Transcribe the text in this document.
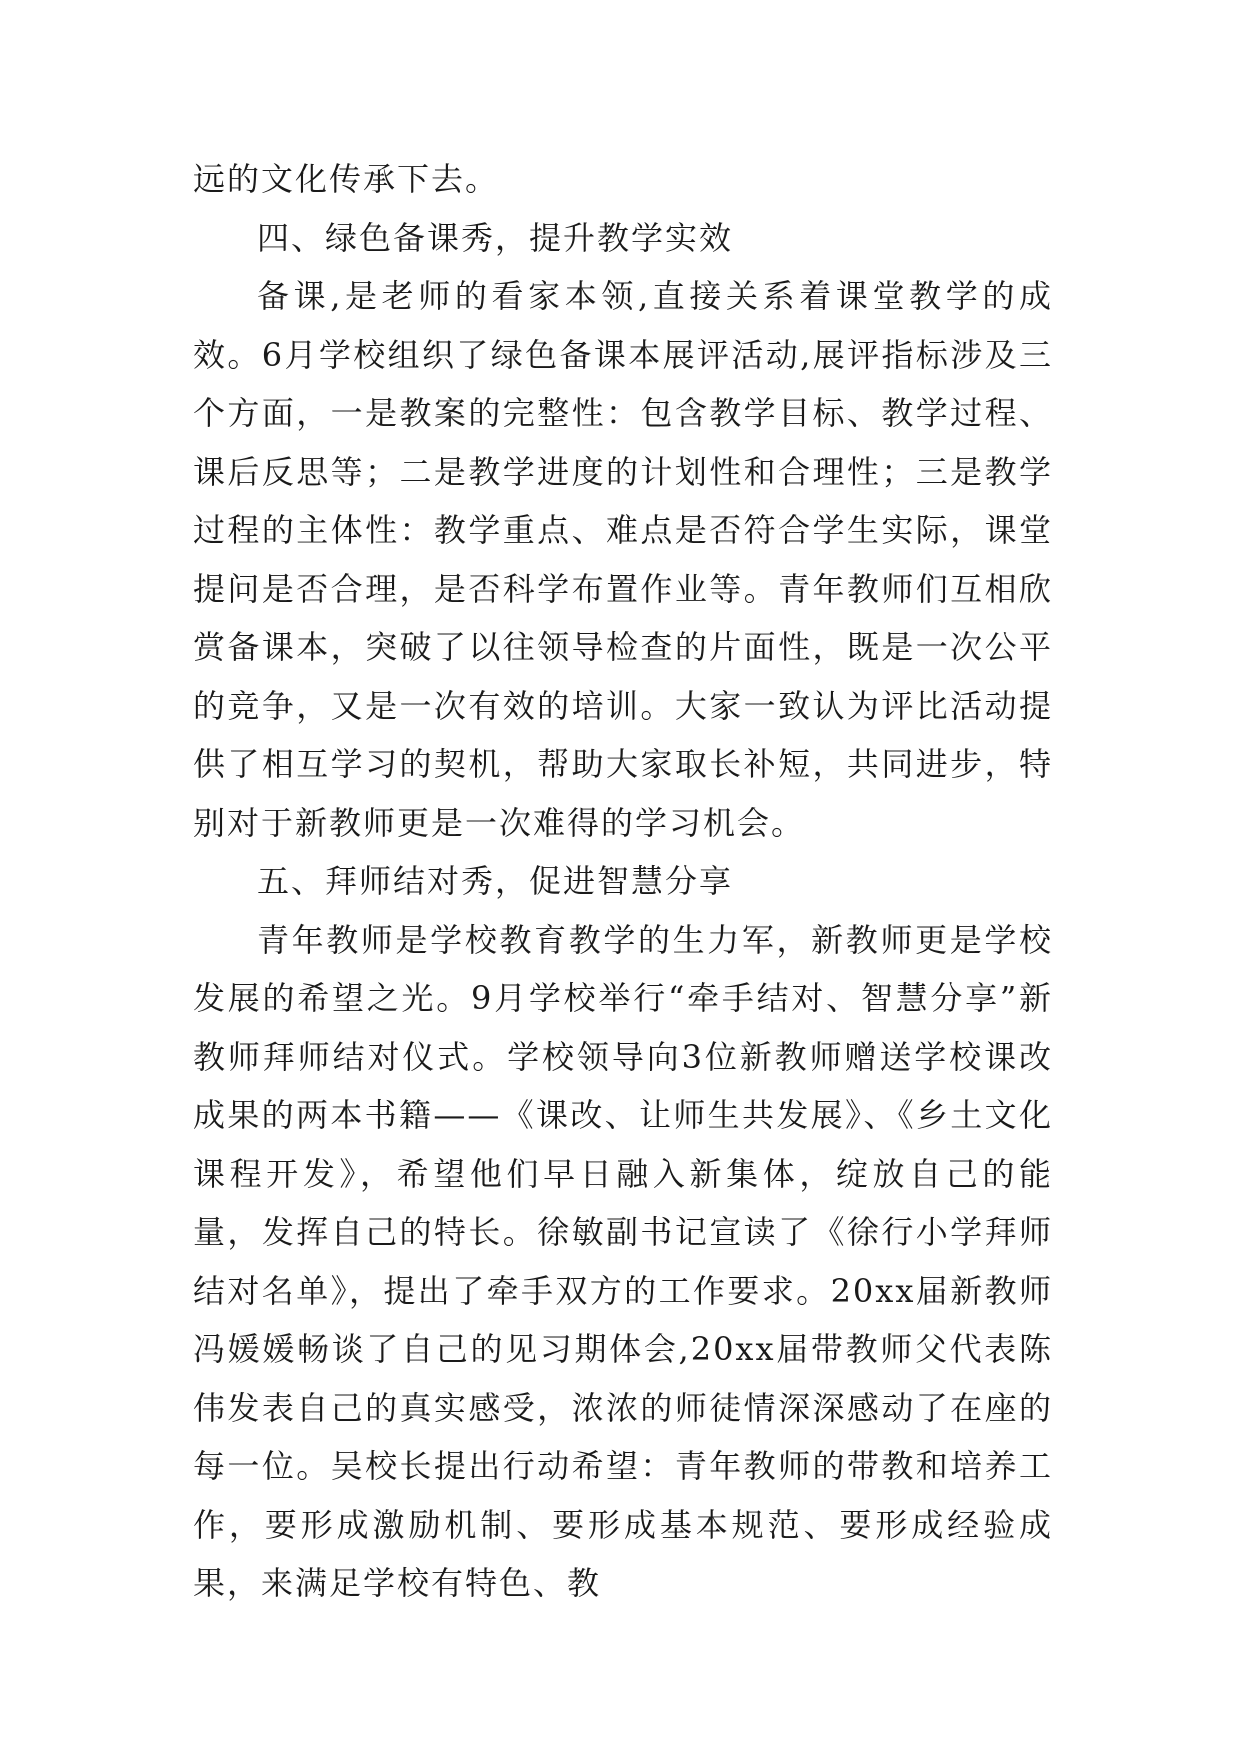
远的文化传承下去。

四、绿色备课秀，提升教学实效

备课,是老师的看家本领,直接关系着课堂教学的成效。6月学校组织了绿色备课本展评活动,展评指标涉及三个方面，一是教案的完整性：包含教学目标、教学过程、课后反思等；二是教学进度的计划性和合理性；三是教学过程的主体性：教学重点、难点是否符合学生实际，课堂提问是否合理，是否科学布置作业等。青年教师们互相欣赏备课本，突破了以往领导检查的片面性，既是一次公平的竞争，又是一次有效的培训。大家一致认为评比活动提供了相互学习的契机，帮助大家取长补短，共同进步，特别对于新教师更是一次难得的学习机会。

五、拜师结对秀，促进智慧分享

青年教师是学校教育教学的生力军，新教师更是学校发展的希望之光。9月学校举行“牵手结对、智慧分享”新教师拜师结对仪式。学校领导向3位新教师赠送学校课改成果的两本书籍——《课改、让师生共发展》、《乡土文化课程开发》，希望他们早日融入新集体，绽放自己的能量，发挥自己的特长。徐敏副书记宣读了《徐行小学拜师结对名单》，提出了牵手双方的工作要求。20xx届新教师冯媛媛畅谈了自己的见习期体会,20xx届带教师父代表陈伟发表自己的真实感受，浓浓的师徒情深深感动了在座的每一位。吴校长提出行动希望：青年教师的带教和培养工作，要形成激励机制、要形成基本规范、要形成经验成果，来满足学校有特色、教
